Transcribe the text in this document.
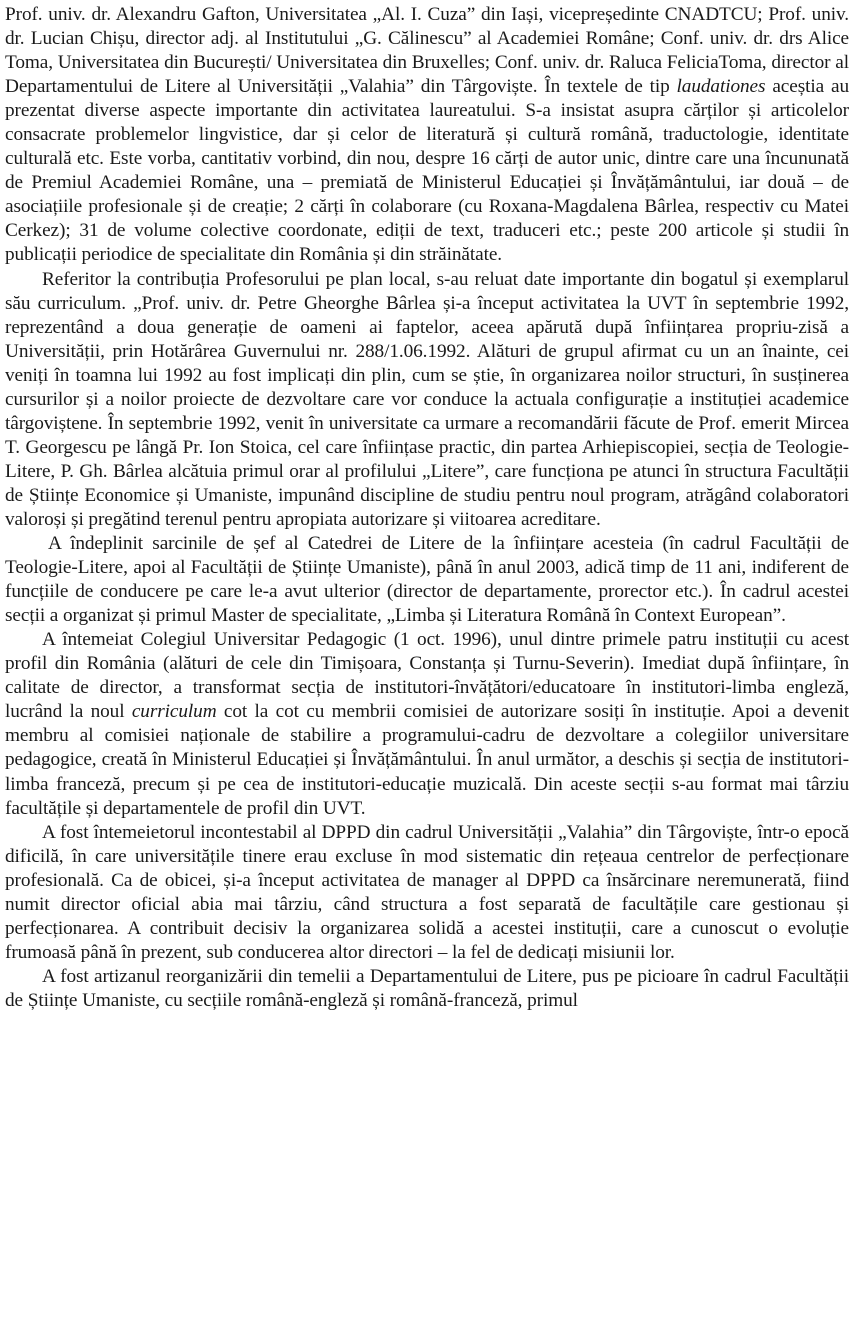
Prof. univ. dr. Alexandru Gafton, Universitatea „Al. I. Cuza” din Iași, vicepreședinte CNADTCU; Prof. univ. dr. Lucian Chișu, director adj. al Institutului „G. Călinescu” al Academiei Române; Conf. univ. dr. drs Alice Toma, Universitatea din București/ Universitatea din Bruxelles; Conf. univ. dr. Raluca FeliciaToma, director al Departamentului de Litere al Universității „Valahia” din Târgoviște. În textele de tip laudationes aceștia au prezentat diverse aspecte importante din activitatea laureatului. S-a insistat asupra cărților și articolelor consacrate problemelor lingvistice, dar și celor de literatură și cultură română, traductologie, identitate culturală etc. Este vorba, cantitativ vorbind, din nou, despre 16 cărți de autor unic, dintre care una încununată de Premiul Academiei Române, una – premiată de Ministerul Educației și Învățământului, iar două – de asociațiile profesionale și de creație; 2 cărți în colaborare (cu Roxana-Magdalena Bârlea, respectiv cu Matei Cerkez); 31 de volume colective coordonate, ediții de text, traduceri etc.; peste 200 articole și studii în publicații periodice de specialitate din România și din străinătate.

Referitor la contribuția Profesorului pe plan local, s-au reluat date importante din bogatul și exemplarul său curriculum. „Prof. univ. dr. Petre Gheorghe Bârlea și-a început activitatea la UVT în septembrie 1992, reprezentând a doua generație de oameni ai faptelor, aceea apărută după înființarea propriu-zisă a Universității, prin Hotărârea Guvernului nr. 288/1.06.1992. Alături de grupul afirmat cu un an înainte, cei veniți în toamna lui 1992 au fost implicați din plin, cum se știe, în organizarea noilor structuri, în susținerea cursurilor și a noilor proiecte de dezvoltare care vor conduce la actuala configurație a instituției academice târgoviștene. În septembrie 1992, venit în universitate ca urmare a recomandării făcute de Prof. emerit Mircea T. Georgescu pe lângă Pr. Ion Stoica, cel care înființase practic, din partea Arhiepiscopiei, secția de Teologie-Litere, P. Gh. Bârlea alcătuia primul orar al profilului „Litere”, care funcționa pe atunci în structura Facultății de Științe Economice și Umaniste, impunând discipline de studiu pentru noul program, atrăgând colaboratori valoroși și pregătind terenul pentru apropiata autorizare și viitoarea acreditare.

A îndeplinit sarcinile de șef al Catedrei de Litere de la înființare acesteia (în cadrul Facultății de Teologie-Litere, apoi al Facultății de Științe Umaniste), până în anul 2003, adică timp de 11 ani, indiferent de funcțiile de conducere pe care le-a avut ulterior (director de departamente, prorector etc.). În cadrul acestei secții a organizat și primul Master de specialitate, „Limba și Literatura Română în Context European”.

A întemeiat Colegiul Universitar Pedagogic (1 oct. 1996), unul dintre primele patru instituții cu acest profil din România (alături de cele din Timișoara, Constanța și Turnu-Severin). Imediat după înființare, în calitate de director, a transformat secția de institutori-învățători/educatoare în institutori-limba engleză, lucrând la noul curriculum cot la cot cu membrii comisiei de autorizare sosiți în instituție. Apoi a devenit membru al comisiei naționale de stabilire a programului-cadru de dezvoltare a colegiilor universitare pedagogice, creată în Ministerul Educației și Învățământului. În anul următor, a deschis și secția de institutori-limba franceză, precum și pe cea de institutori-educație muzicală. Din aceste secții s-au format mai târziu facultățile și departamentele de profil din UVT.

A fost întemeietorul incontestabil al DPPD din cadrul Universității „Valahia” din Târgoviște, într-o epocă dificilă, în care universitățile tinere erau excluse în mod sistematic din rețeaua centrelor de perfecționare profesională. Ca de obicei, și-a început activitatea de manager al DPPD ca însărcinare neremunerată, fiind numit director oficial abia mai târziu, când structura a fost separată de facultățile care gestionau și perfecționarea. A contribuit decisiv la organizarea solidă a acestei instituții, care a cunoscut o evoluție frumoasă până în prezent, sub conducerea altor directori – la fel de dedicați misiunii lor.

A fost artizanul reorganizării din temelii a Departamentului de Litere, pus pe picioare în cadrul Facultății de Științe Umaniste, cu secțiile română-engleză și română-franceză, primul
